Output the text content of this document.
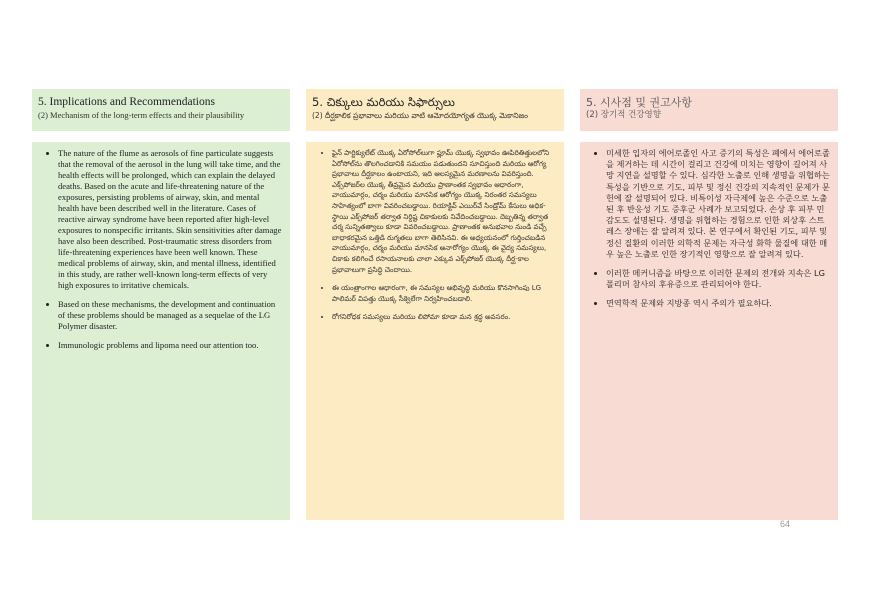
5. Implications and Recommendations
(2) Mechanism of the long-term effects and their plausibility
• The nature of the flume as aerosols of fine particulate suggests that the removal of the aerosol in the lung will take time, and the health effects will be prolonged, which can explain the delayed deaths. Based on the acute and life-threatening nature of the exposures, persisting problems of airway, skin, and mental health have been described well in the literature. Cases of reactive airway syndrome have been reported after high-level exposures to nonspecific irritants. Skin sensitivities after damage have also been described. Post-traumatic stress disorders from life-threatening experiences have been well known. These medical problems of airway, skin, and mental illness, identified in this study, are rather well-known long-term effects of very high exposures to irritative chemicals.
• Based on these mechanisms, the development and continuation of these problems should be managed as a sequelae of the LG Polymer disaster.
• Immunologic problems and lipoma need our attention too.
5. చిక్కులు మరియు సిఫార్సులు
(2) దీర్ఘకాలిక ప్రభావాలు మరియు వాటి ఆమోదయోగ్యత యొక్క మెకానిజం
• ఫైన్ పార్టిక్యులేట్ యొక్క ఏరోసోల్‌లుగా ఫ్లూమ్ యొక్క స్వభావం ఊపిరితిత్తులలోని ఏరోసోల్‌ను తొలగించడానికి సమయం పడుతుందని సూచిస్తుంది మరియు ఆరోగ్య ప్రభావాలు దీర్ఘకాలం ఉంటాయని, ఇది ఆలస్యమైన మరణాలను వివరిస్తుంది. ఎక్స్‌పోజర్‌ల యొక్క తీవ్రమైన మరియు ప్రాణాంతక స్వభావం ఆధారంగా, వాయుమార్గం, చర్మం మరియు మానసిక ఆరోగ్యం యొక్క నిరంతర సమస్యలు సాహిత్యంలో బాగా వివరించబడ్డాయి. రియాక్టివ్ ఎయిర్‌వే సిండ్రోమ్ కేసులు అధిక-స్థాయి ఎక్స్‌పోజర్ తర్వాత నిర్దిష్ట చికాకులకు నివేదించబడ్డాయి. దెబ్బతిన్న తర్వాత చర్మ సున్నితత్వాలు కూడా వివరించబడ్డాయి. ప్రాణాంతక అనుభవాల నుండి వచ్చే బాధాకరమైన ఒత్తిడి రుగ్మతలు బాగా తెలిసినవి. ఈ అధ్యయనంలో గుర్తించబడిన వాయుమార్గం, చర్మం మరియు మానసిక అనారోగ్యం యొక్క ఈ వైద్య సమస్యలు, చికాకు కలిగించే రసాయనాలకు చాలా ఎక్కువ ఎక్స్‌పోజర్ యొక్క దీర్ఘ-కాల ప్రభావాలుగా ప్రసిద్ధి చెందాయి.
• ఈ యంత్రాంగాల ఆధారంగా, ఈ సమస్యల అభివృద్ధి మరియు కొనసాగింపు LG పాలిమర్ విపత్తు యొక్క సీక్వెలేగా నిర్వహించబడాలి.
• రోగనిరోధక సమస్యలు మరియు లిపోమా కూడా మన శ్రద్ధ అవసరం.
5. 시사점 및 권고사항
(2) 장기적 건강영향
• 미세한 입자의 에어로졸인 사고 증기의 특성은 폐에서 에어로졸을 제거하는 데 시간이 걸리고 건강에 미치는 영향이 길어져 사망 지연을 설명할 수 있다. 심각한 노출로 인해 생명을 위협하는 특성을 기반으로 기도, 피부 및 정신 건강의 지속적인 문제가 문헌에 잘 설명되어 있다. 비특이성 자극제에 높은 수준으로 노출된 후 반응성 기도 증후군 사례가 보고되었다. 손상 후 피부 민감도도 설명된다. 생명을 위협하는 경험으로 인한 외상후 스트레스 장애는 잘 알려져 있다. 본 연구에서 확인된 기도, 피부 및 정신 질환의 이러한 의학적 문제는 자극성 화학 물질에 대한 매우 높은 노출로 인한 장기적인 영향으로 잘 알려져 있다.
• 이러한 메커니즘을 바탕으로 이러한 문제의 전개와 지속은 LG폴리머 참사의 후유증으로 관리되어야 한다.
• 면역학적 문제와 지방종 역시 주의가 필요하다.
64
